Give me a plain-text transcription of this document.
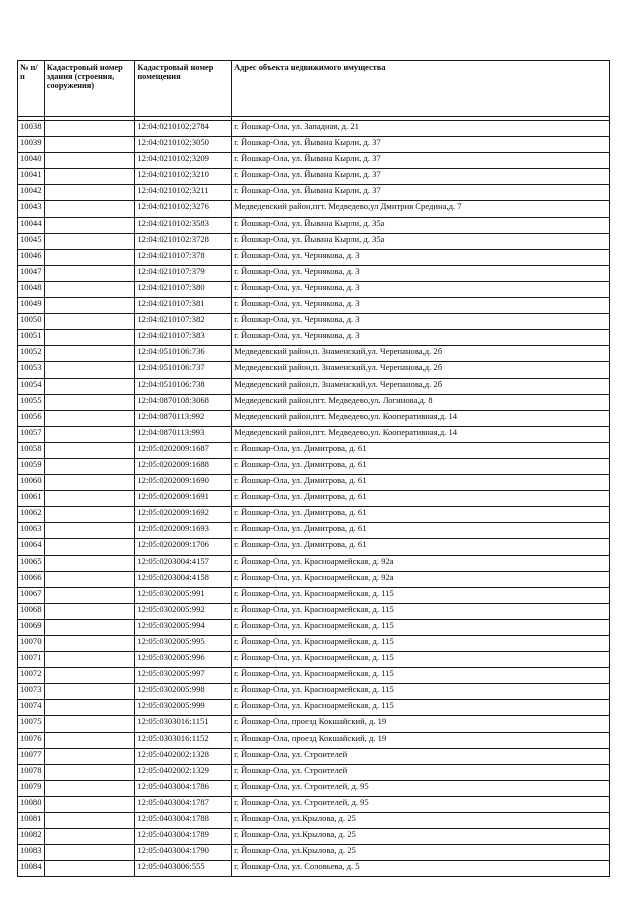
№ п/п	Кадастровый номер здания (строения, сооружения)	Кадастровый номер помещения	Адрес объекта недвижимого имущества

10038		12:04:0210102:2784	г. Йошкар-Ола, ул. Западная, д. 21
10039		12:04:0210102:3050	г. Йошкар-Ола, ул. Йывана Кырли, д. 37
10040		12:04:0210102:3209	г. Йошкар-Ола, ул. Йывана Кырли, д. 37
10041		12:04:0210102:3210	г. Йошкар-Ола, ул. Йывана Кырли, д. 37
10042		12:04:0210102:3211	г. Йошкар-Ола, ул. Йывана Кырли, д. 37
10043		12:04:0210102:3276	Медведевский район,пгт. Медведево,ул Дмитрия Средина,д. 7
10044		12:04:0210102:3583	г. Йошкар-Ола, ул. Йывана Кырли, д. 35а
10045		12:04:0210102:3728	г. Йошкар-Ола, ул. Йывана Кырли, д. 35а
10046		12:04:0210107:378	г. Йошкар-Ола, ул. Чернякова, д. 3
10047		12:04:0210107:379	г. Йошкар-Ола, ул. Чернякова, д. 3
10048		12:04:0210107:380	г. Йошкар-Ола, ул. Чернякова, д. 3
10049		12:04:0210107:381	г. Йошкар-Ола, ул. Чернякова, д. 3
10050		12:04:0210107:382	г. Йошкар-Ола, ул. Чернякова, д. 3
10051		12:04:0210107:383	г. Йошкар-Ола, ул. Чернякова, д. 3
10052		12:04:0510106:736	Медведевский район,п. Знаменский,ул. Черепанова,д. 2б
10053		12:04:0510106:737	Медведевский район,п. Знаменский,ул. Черепанова,д. 2б
10054		12:04:0510106:738	Медведевский район,п. Знаменский,ул. Черепанова,д. 2б
10055		12:04:0870108:3068	Медведевский район,пгт. Медведево,ул. Логинова,д. 8
10056		12:04:0870113:992	Медведевский район,пгт. Медведево,ул. Кооперативная,д. 14
10057		12:04:0870113:993	Медведевский район,пгт. Медведево,ул. Кооперативная,д. 14
10058		12:05:0202009:1687	г. Йошкар-Ола, ул. Димитрова, д. 61
10059		12:05:0202009:1688	г. Йошкар-Ола, ул. Димитрова, д. 61
10060		12:05:0202009:1690	г. Йошкар-Ола, ул. Димитрова, д. 61
10061		12:05:0202009:1691	г. Йошкар-Ола, ул. Димитрова, д. 61
10062		12:05:0202009:1692	г. Йошкар-Ола, ул. Димитрова, д. 61
10063		12:05:0202009:1693	г. Йошкар-Ола, ул. Димитрова, д. 61
10064		12:05:0202009:1706	г. Йошкар-Ола, ул. Димитрова, д. 61
10065		12:05:0203004:4157	г. Йошкар-Ола, ул. Красноармейская, д. 92а
10066		12:05:0203004:4158	г. Йошкар-Ола, ул. Красноармейская, д. 92а
10067		12:05:0302005:991	г. Йошкар-Ола, ул. Красноармейская, д. 115
10068		12:05:0302005:992	г. Йошкар-Ола, ул. Красноармейская, д. 115
10069		12:05:0302005:994	г. Йошкар-Ола, ул. Красноармейская, д. 115
10070		12:05:0302005:995	г. Йошкар-Ола, ул. Красноармейская, д. 115
10071		12:05:0302005:996	г. Йошкар-Ола, ул. Красноармейская, д. 115
10072		12:05:0302005:997	г. Йошкар-Ола, ул. Красноармейская, д. 115
10073		12:05:0302005:998	г. Йошкар-Ола, ул. Красноармейская, д. 115
10074		12:05:0302005:999	г. Йошкар-Ола, ул. Красноармейская, д. 115
10075		12:05:0303016:1151	г. Йошкар-Ола, проезд Кокшайский, д. 19
10076		12:05:0303016:1152	г. Йошкар-Ола, проезд Кокшайский, д. 19
10077		12:05:0402002:1328	г. Йошкар-Ола, ул. Строителей
10078		12:05:0402002:1329	г. Йошкар-Ола, ул. Строителей
10079		12:05:0403004:1786	г. Йошкар-Ола, ул. Строителей, д. 95
10080		12:05:0403004:1787	г. Йошкар-Ола, ул. Строителей, д. 95
10081		12:05:0403004:1788	г. Йошкар-Ола, ул.Крылова, д. 25
10082		12:05:0403004:1789	г. Йошкар-Ола, ул.Крылова, д. 25
10083		12:05:0403004:1790	г. Йошкар-Ола, ул.Крылова, д. 25
10084		12:05:0403006:555	г. Йошкар-Ола, ул. Соловьева, д. 5
